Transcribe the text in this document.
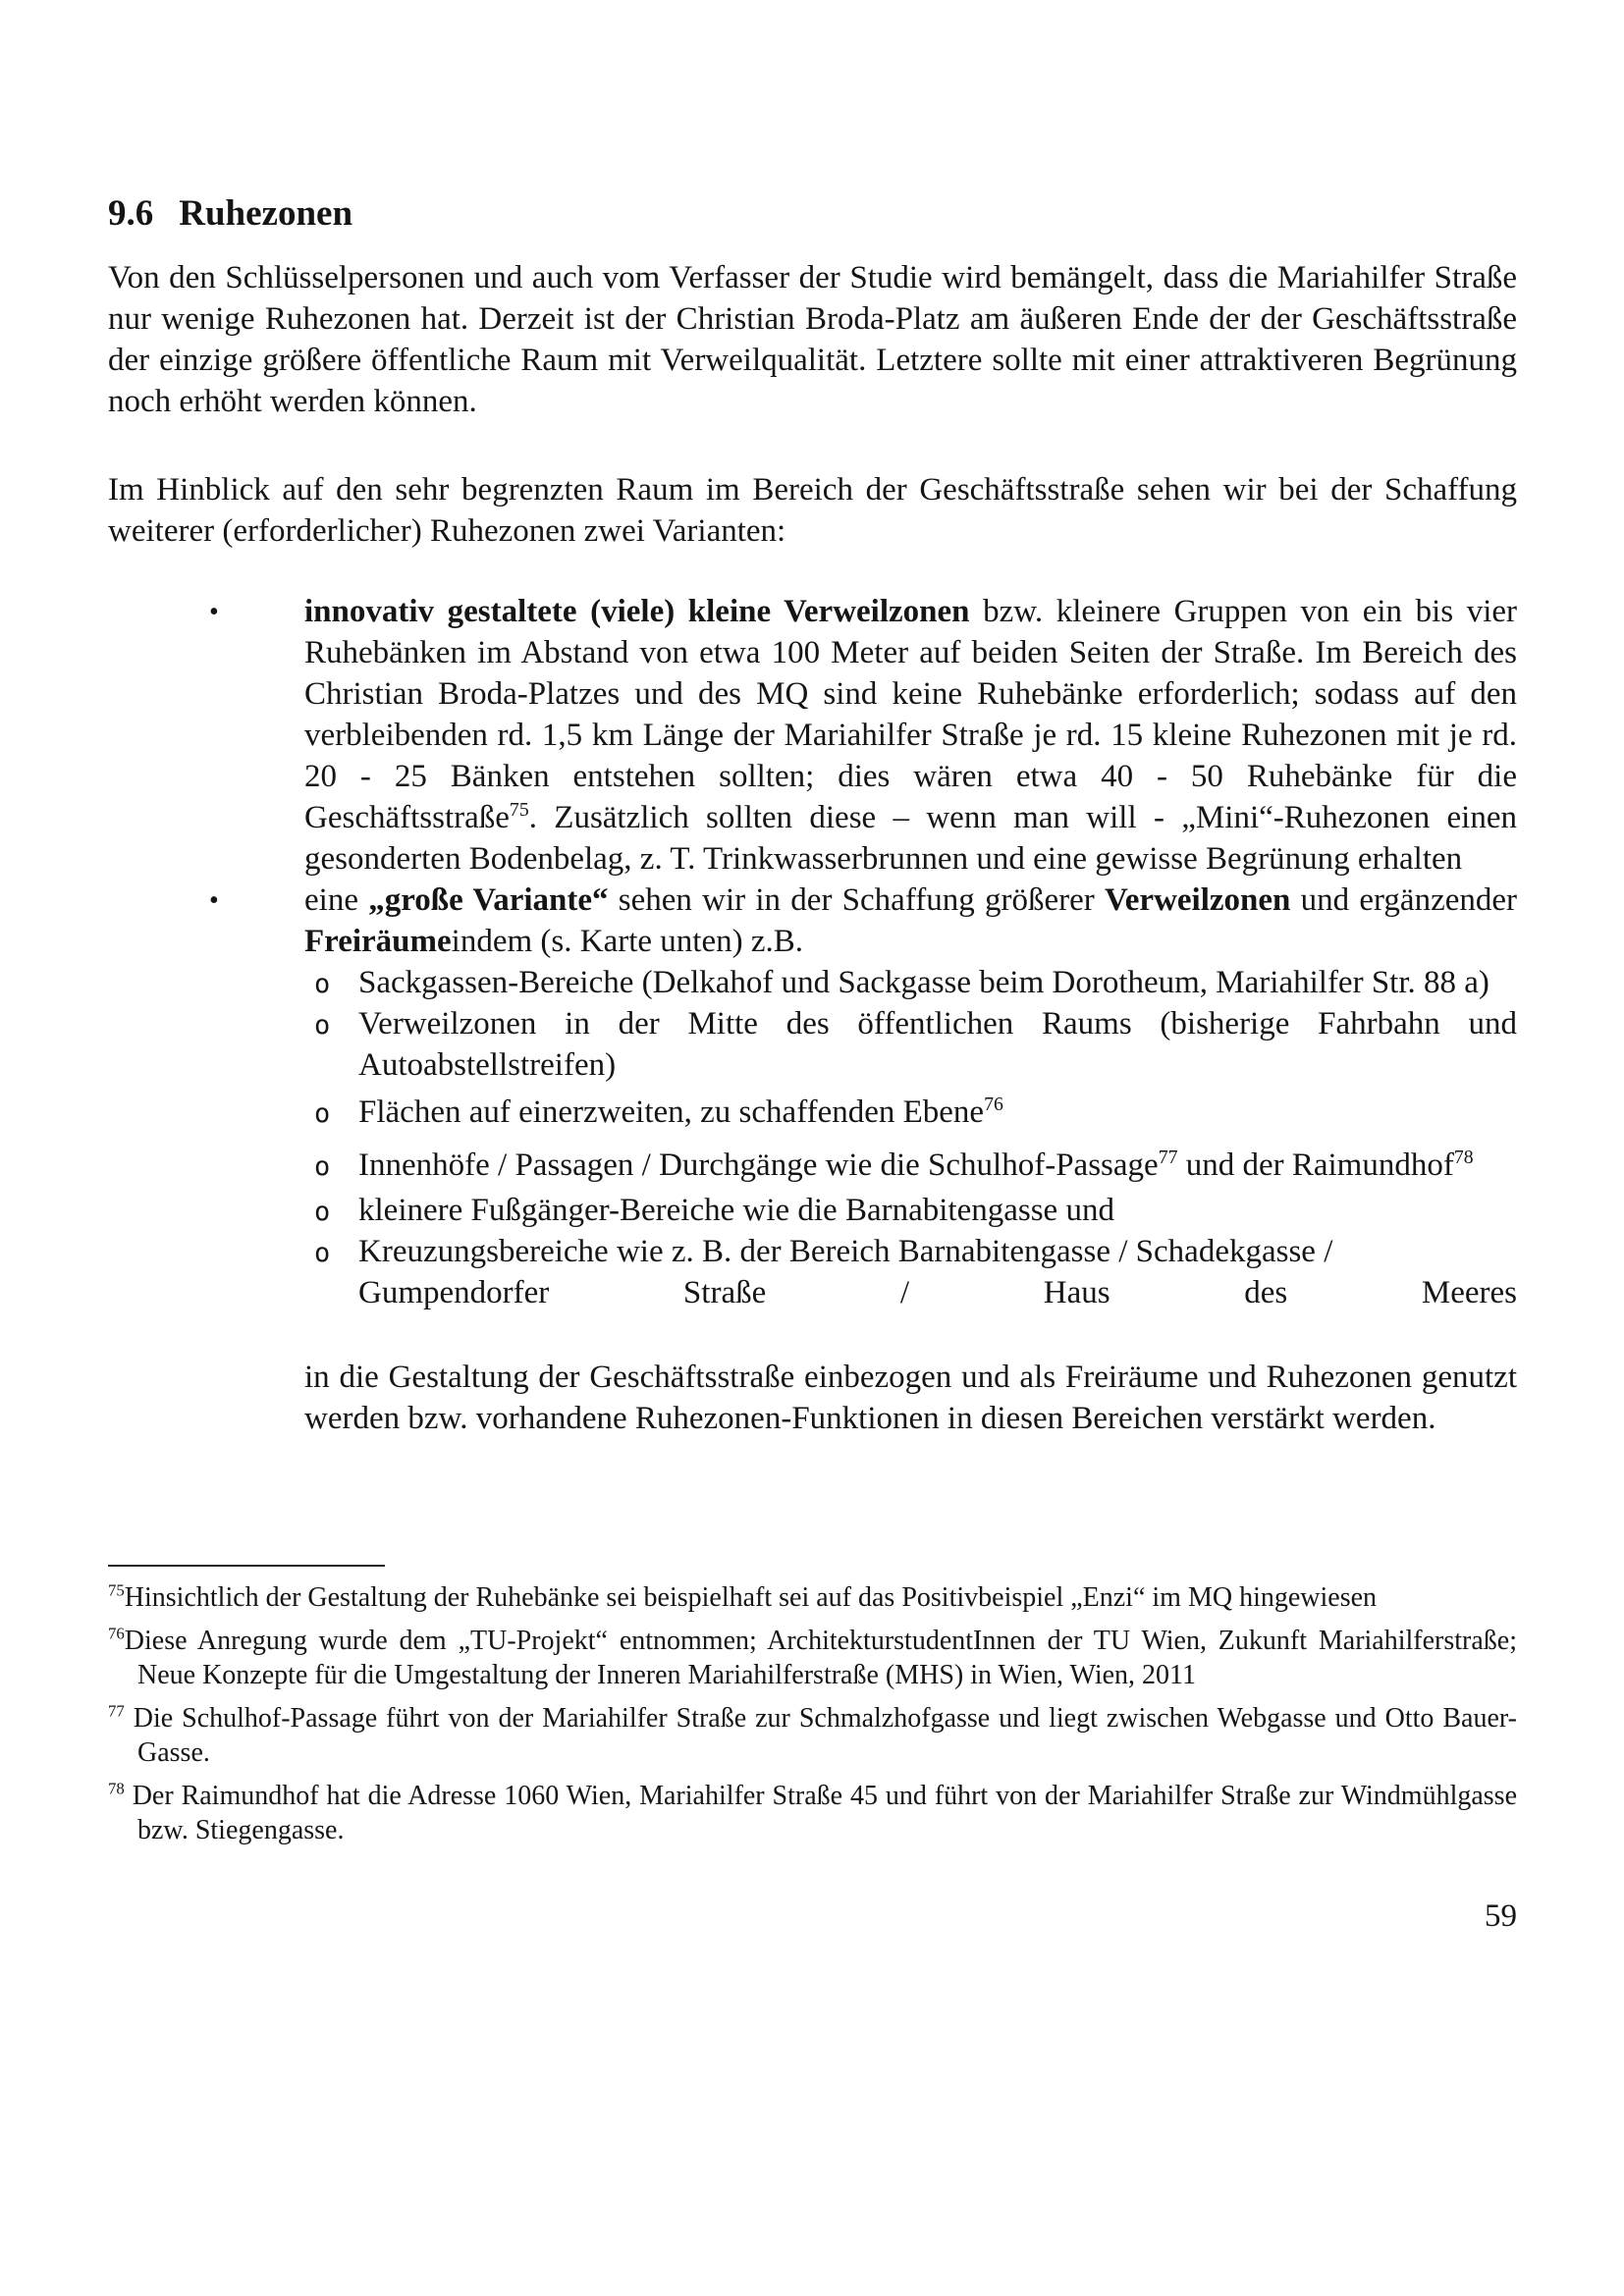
9.6 Ruhezonen

Von den Schlüsselpersonen und auch vom Verfasser der Studie wird bemängelt, dass die Mariahilfer Straße nur wenige Ruhezonen hat. Derzeit ist der Christian Broda-Platz am äußeren Ende der der Geschäftsstraße der einzige größere öffentliche Raum mit Verweilqualität. Letztere sollte mit einer attraktiveren Begrünung noch erhöht werden können.

Im Hinblick auf den sehr begrenzten Raum im Bereich der Geschäftsstraße sehen wir bei der Schaffung weiterer (erforderlicher) Ruhezonen zwei Varianten:

•	innovativ gestaltete (viele) kleine Verweilzonen bzw. kleinere Gruppen von ein bis vier Ruhebänken im Abstand von etwa 100 Meter auf beiden Seiten der Straße. Im Bereich des Christian Broda-Platzes und des MQ sind keine Ruhebänke erforderlich; sodass auf den verbleibenden rd. 1,5 km Länge der Mariahilfer Straße je rd. 15 kleine Ruhezonen mit je rd. 20 - 25 Bänken entstehen sollten; dies wären etwa 40 - 50 Ruhebänke für die Geschäftsstraße$^{75}$. Zusätzlich sollten diese – wenn man will - „Mini“-Ruhezonen einen gesonderten Bodenbelag, z. T. Trinkwasserbrunnen und eine gewisse Begrünung erhalten
•	eine „große Variante“ sehen wir in der Schaffung größerer Verweilzonen und ergänzender Freiräumeindem (s. Karte unten) z.B.
o Sackgassen-Bereiche (Delkahof und Sackgasse beim Dorotheum, Mariahilfer Str. 88 a)
o Verweilzonen in der Mitte des öffentlichen Raums (bisherige Fahrbahn und Autoabstellstreifen)
o Flächen auf einerzweiten, zu schaffenden Ebene$^{76}$
o Innenhöfe / Passagen / Durchgänge wie die Schulhof-Passage$^{77}$ und der Raimundhof$^{78}$
o kleinere Fußgänger-Bereiche wie die Barnabitengasse und
o Kreuzungsbereiche wie z. B. der Bereich Barnabitengasse / Schadekgasse /
Gumpendorfer Straße / Haus des Meeres

in die Gestaltung der Geschäftsstraße einbezogen und als Freiräume und Ruhezonen genutzt werden bzw. vorhandene Ruhezonen-Funktionen in diesen Bereichen verstärkt werden.

$^{75}$Hinsichtlich der Gestaltung der Ruhebänke sei beispielhaft sei auf das Positivbeispiel „Enzi“ im MQ hingewiesen
$^{76}$Diese Anregung wurde dem „TU-Projekt“ entnommen; ArchitekturstudentInnen der TU Wien, Zukunft Mariahilferstraße; Neue Konzepte für die Umgestaltung der Inneren Mariahilferstraße (MHS) in Wien, Wien, 2011
$^{77}$ Die Schulhof-Passage führt von der Mariahilfer Straße zur Schmalzhofgasse und liegt zwischen Webgasse und Otto Bauer-Gasse.
$^{78}$ Der Raimundhof hat die Adresse 1060 Wien, Mariahilfer Straße 45 und führt von der Mariahilfer Straße zur Windmühlgasse bzw. Stiegengasse.
59
